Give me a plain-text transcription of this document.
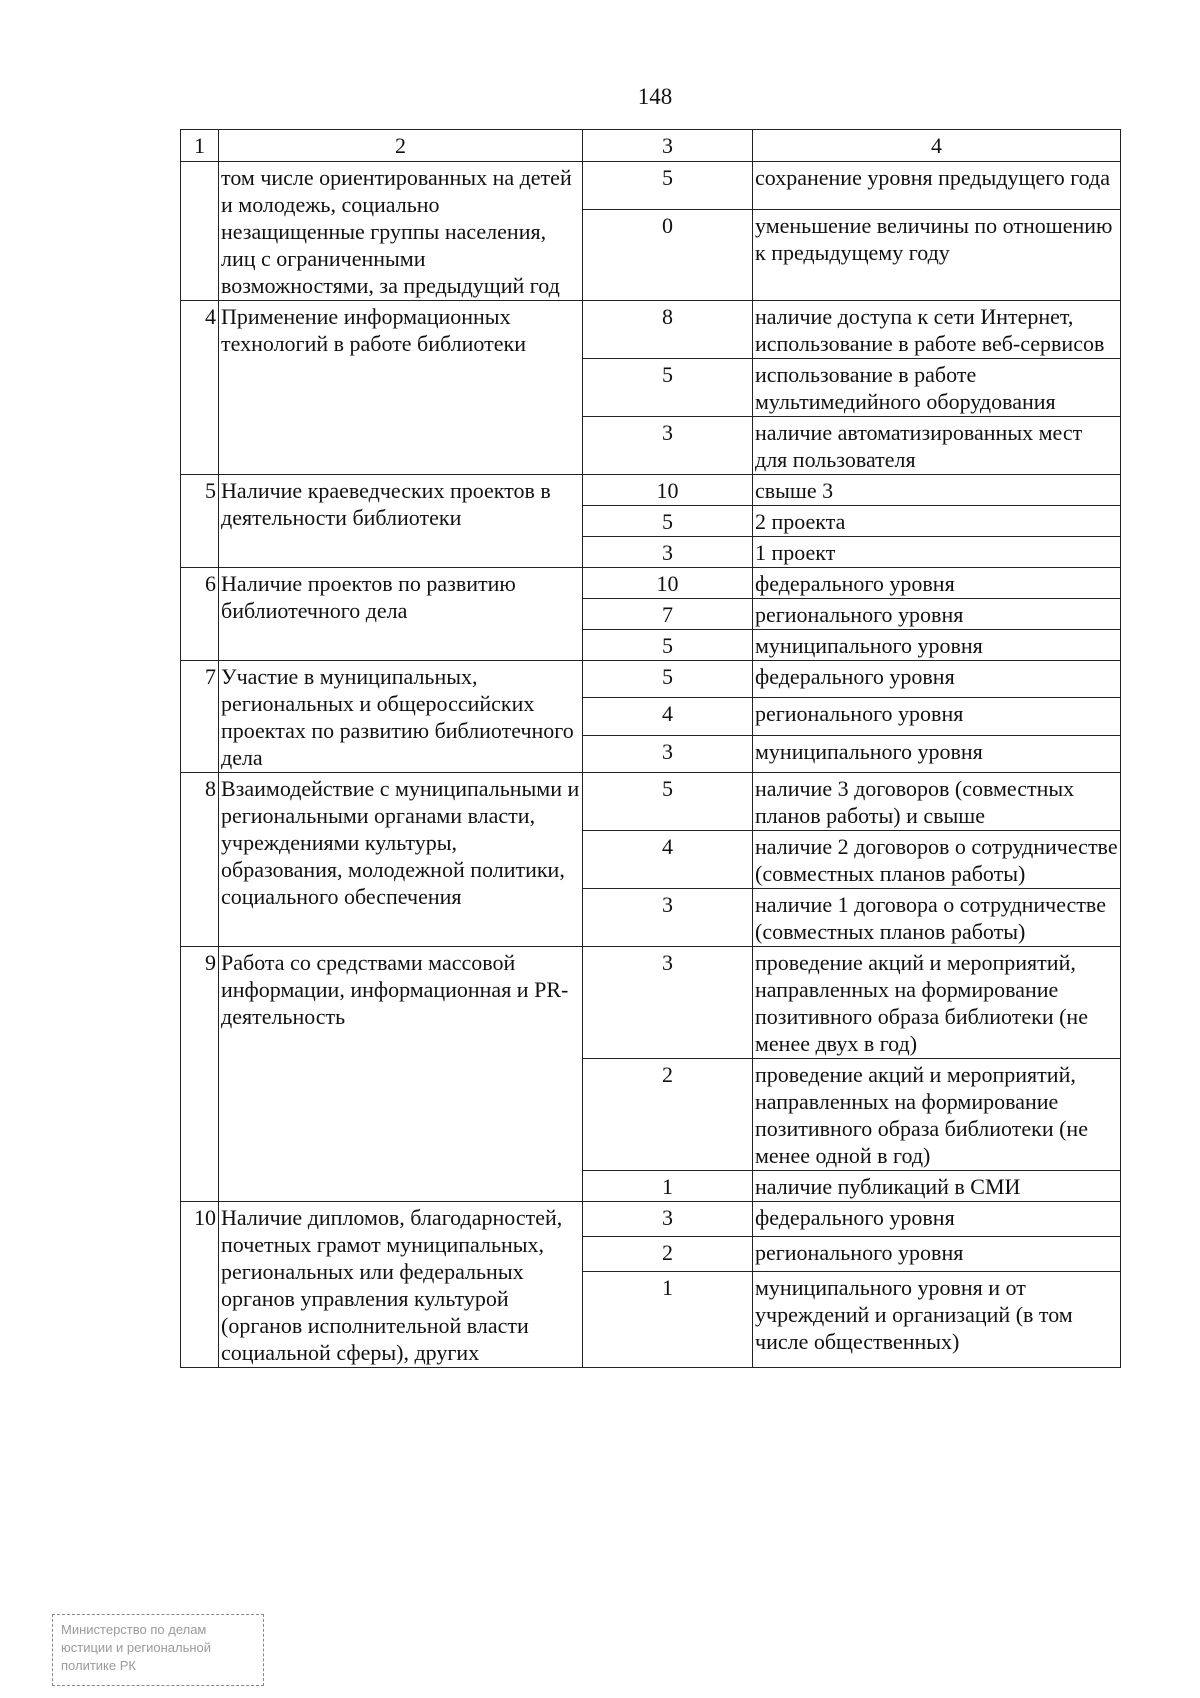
148
1	2	3	4
	том числе ориентированных на детей и молодежь, социально незащищенные группы населения, лиц с ограниченными возможностями, за предыдущий год	5	сохранение уровня предыдущего года
		0	уменьшение величины по отношению к предыдущему году
4	Применение информационных технологий в работе библиотеки	8	наличие доступа к сети Интернет, использование в работе веб-сервисов
		5	использование в работе мультимедийного оборудования
		3	наличие автоматизированных мест для пользователя
5	Наличие краеведческих проектов в деятельности библиотеки	10	свыше 3
		5	2 проекта
		3	1 проект
6	Наличие проектов по развитию библиотечного дела	10	федерального уровня
		7	регионального уровня
		5	муниципального уровня
7	Участие в муниципальных, региональных и общероссийских проектах по развитию библиотечного дела	5	федерального уровня
		4	регионального уровня
		3	муниципального уровня
8	Взаимодействие с муниципальными и региональными органами власти, учреждениями культуры, образования, молодежной политики, социального обеспечения	5	наличие 3 договоров (совместных планов работы) и свыше
		4	наличие 2 договоров о сотрудничестве (совместных планов работы)
		3	наличие 1 договора о сотрудничестве (совместных планов работы)
9	Работа со средствами массовой информации, информационная и PR-деятельность	3	проведение акций и мероприятий, направленных на формирование позитивного образа библиотеки (не менее двух в год)
		2	проведение акций и мероприятий, направленных на формирование позитивного образа библиотеки (не менее одной в год)
		1	наличие публикаций в СМИ
10	Наличие дипломов, благодарностей, почетных грамот муниципальных, региональных или федеральных органов управления культурой (органов исполнительной власти социальной сферы), других	3	федерального уровня
		2	регионального уровня
		1	муниципального уровня и от учреждений и организаций (в том числе общественных)
Министерство по делам
юстиции и региональной
политике РК
